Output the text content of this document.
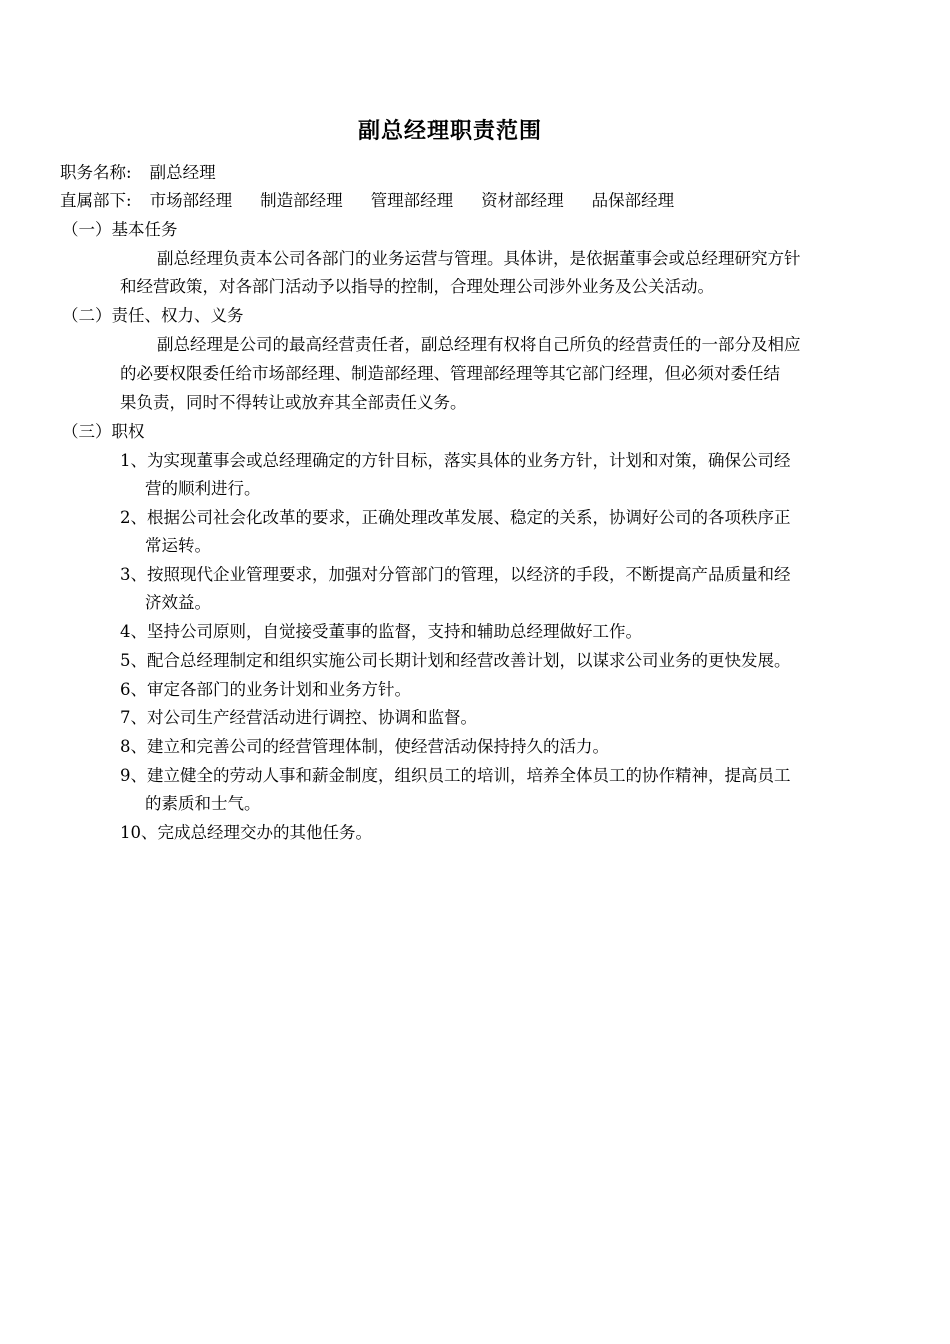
副总经理职责范围
职务名称: 副总经理
直属部下: 市场部经理 制造部经理 管理部经理 资材部经理 品保部经理
（一）基本任务
副总经理负责本公司各部门的业务运营与管理。具体讲，是依据董事会或总经理研究方针
和经营政策，对各部门活动予以指导的控制，合理处理公司涉外业务及公关活动。
（二）责任、权力、义务
副总经理是公司的最高经营责任者，副总经理有权将自己所负的经营责任的一部分及相应
的必要权限委任给市场部经理、制造部经理、管理部经理等其它部门经理，但必须对委任结
果负责，同时不得转让或放弃其全部责任义务。
（三）职权
1、为实现董事会或总经理确定的方针目标，落实具体的业务方针，计划和对策，确保公司经
营的顺利进行。
2、根据公司社会化改革的要求，正确处理改革发展、稳定的关系，协调好公司的各项秩序正
常运转。
3、按照现代企业管理要求，加强对分管部门的管理，以经济的手段，不断提高产品质量和经
济效益。
4、坚持公司原则，自觉接受董事的监督，支持和辅助总经理做好工作。
5、配合总经理制定和组织实施公司长期计划和经营改善计划，以谋求公司业务的更快发展。
6、审定各部门的业务计划和业务方针。
7、对公司生产经营活动进行调控、协调和监督。
8、建立和完善公司的经营管理体制，使经营活动保持持久的活力。
9、建立健全的劳动人事和薪金制度，组织员工的培训，培养全体员工的协作精神，提高员工
的素质和士气。
10、完成总经理交办的其他任务。
